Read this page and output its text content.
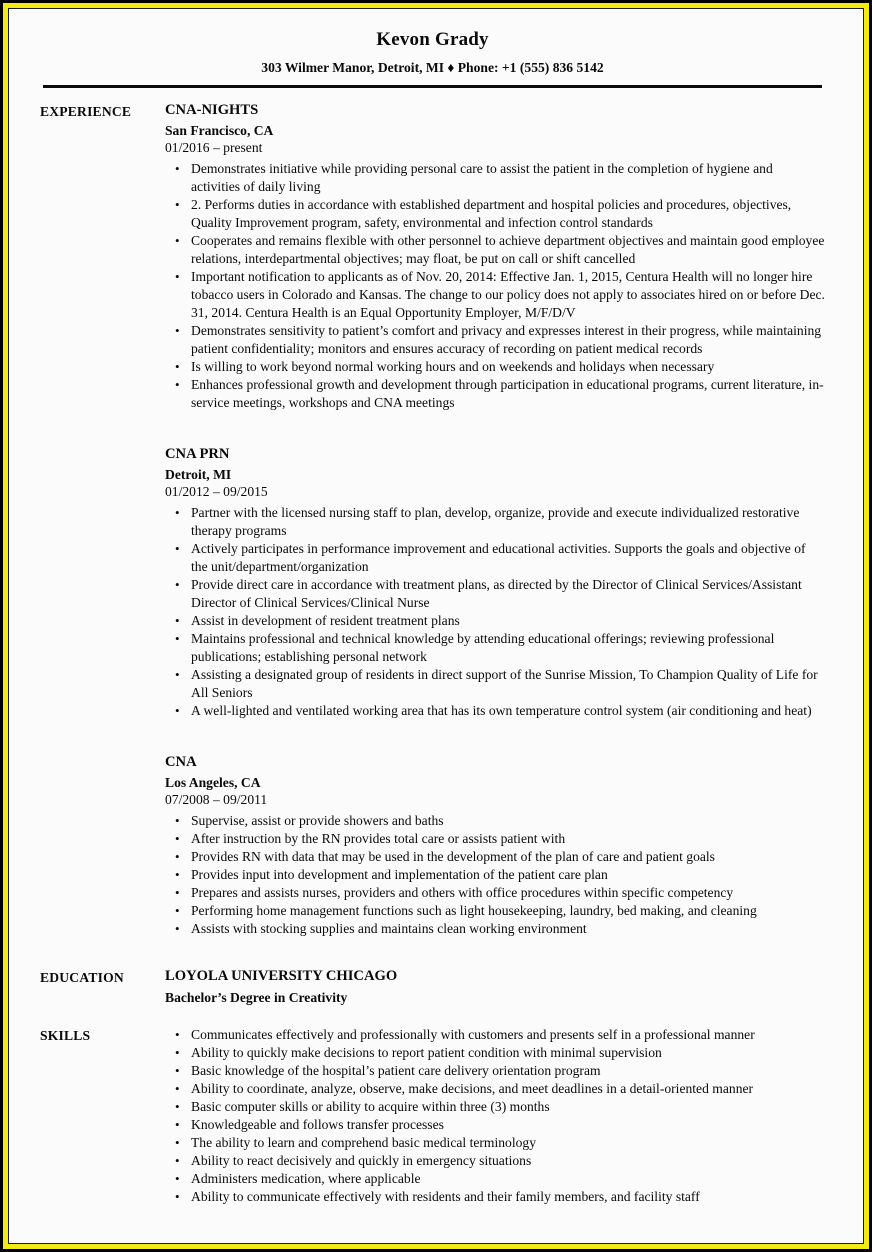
Kevon Grady
303 Wilmer Manor, Detroit, MI ♦ Phone: +1 (555) 836 5142
EXPERIENCE	CNA-NIGHTS
San Francisco, CA
01/2016 – present
• Demonstrates initiative while providing personal care to assist the patient in the completion of hygiene and activities of daily living
• 2. Performs duties in accordance with established department and hospital policies and procedures, objectives, Quality Improvement program, safety, environmental and infection control standards
• Cooperates and remains flexible with other personnel to achieve department objectives and maintain good employee relations, interdepartmental objectives; may float, be put on call or shift cancelled
• Important notification to applicants as of Nov. 20, 2014: Effective Jan. 1, 2015, Centura Health will no longer hire tobacco users in Colorado and Kansas. The change to our policy does not apply to associates hired on or before Dec. 31, 2014. Centura Health is an Equal Opportunity Employer, M/F/D/V
• Demonstrates sensitivity to patient’s comfort and privacy and expresses interest in their progress, while maintaining patient confidentiality; monitors and ensures accuracy of recording on patient medical records
• Is willing to work beyond normal working hours and on weekends and holidays when necessary
• Enhances professional growth and development through participation in educational programs, current literature, in-service meetings, workshops and CNA meetings
CNA PRN
Detroit, MI
01/2012 – 09/2015
• Partner with the licensed nursing staff to plan, develop, organize, provide and execute individualized restorative therapy programs
• Actively participates in performance improvement and educational activities. Supports the goals and objective of the unit/department/organization
• Provide direct care in accordance with treatment plans, as directed by the Director of Clinical Services/Assistant Director of Clinical Services/Clinical Nurse
• Assist in development of resident treatment plans
• Maintains professional and technical knowledge by attending educational offerings; reviewing professional publications; establishing personal network
• Assisting a designated group of residents in direct support of the Sunrise Mission, To Champion Quality of Life for All Seniors
• A well-lighted and ventilated working area that has its own temperature control system (air conditioning and heat)
CNA
Los Angeles, CA
07/2008 – 09/2011
• Supervise, assist or provide showers and baths
• After instruction by the RN provides total care or assists patient with
• Provides RN with data that may be used in the development of the plan of care and patient goals
• Provides input into development and implementation of the patient care plan
• Prepares and assists nurses, providers and others with office procedures within specific competency
• Performing home management functions such as light housekeeping, laundry, bed making, and cleaning
• Assists with stocking supplies and maintains clean working environment
EDUCATION	LOYOLA UNIVERSITY CHICAGO
Bachelor’s Degree in Creativity
SKILLS	• Communicates effectively and professionally with customers and presents self in a professional manner
• Ability to quickly make decisions to report patient condition with minimal supervision
• Basic knowledge of the hospital’s patient care delivery orientation program
• Ability to coordinate, analyze, observe, make decisions, and meet deadlines in a detail-oriented manner
• Basic computer skills or ability to acquire within three (3) months
• Knowledgeable and follows transfer processes
• The ability to learn and comprehend basic medical terminology
• Ability to react decisively and quickly in emergency situations
• Administers medication, where applicable
• Ability to communicate effectively with residents and their family members, and facility staff
